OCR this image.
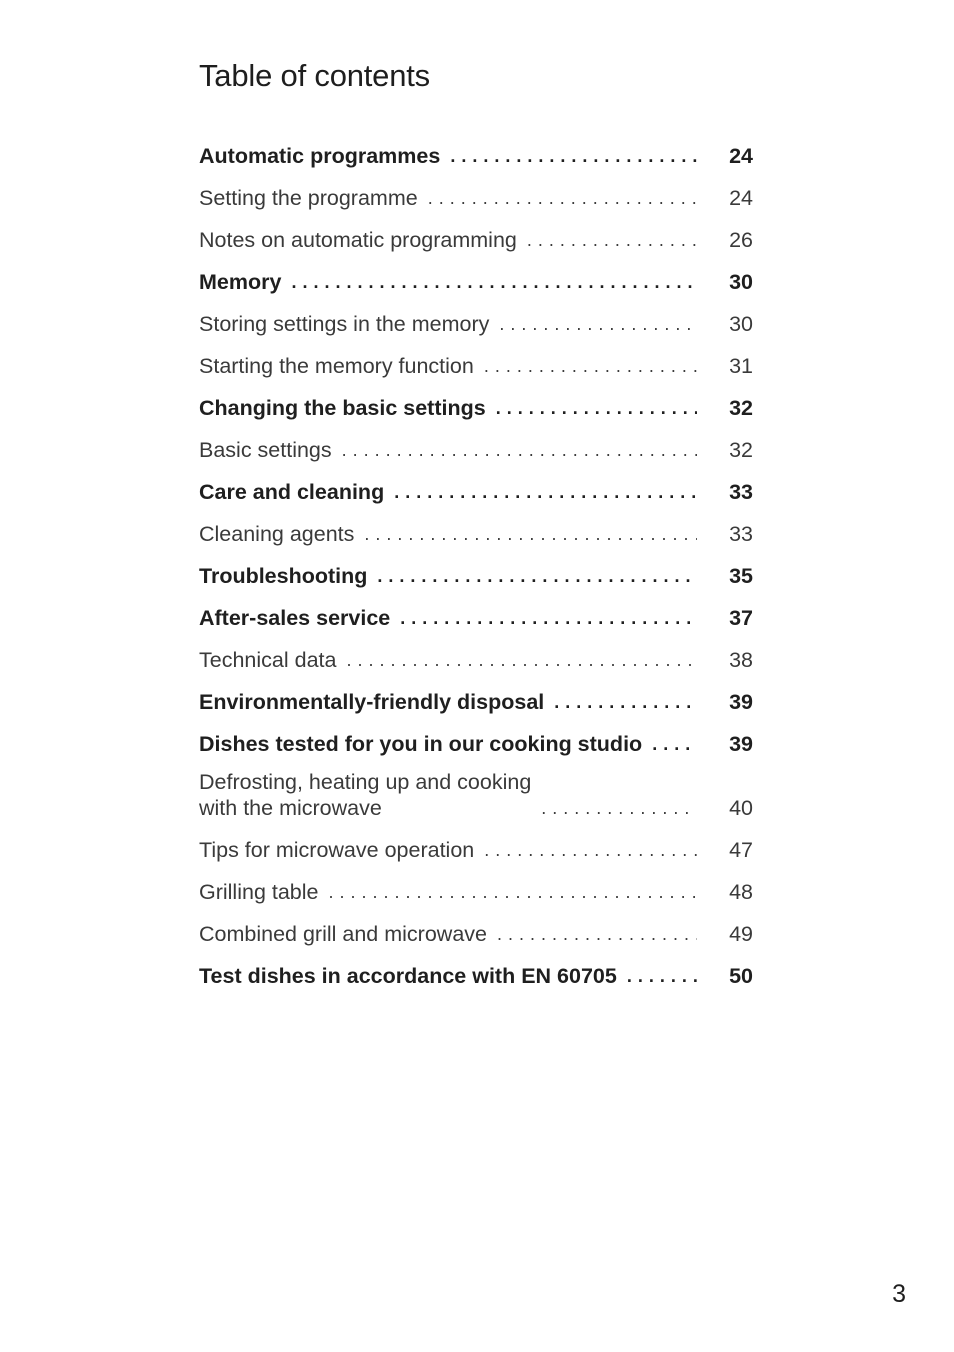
Table of contents
Automatic programmes . . .	24
Setting the programme . . .	24
Notes on automatic programming . . .	26
Memory . . .	30
Storing settings in the memory . . .	30
Starting the memory function . . .	31
Changing the basic settings . . .	32
Basic settings . . .	32
Care and cleaning . . .	33
Cleaning agents . . .	33
Troubleshooting . . .	35
After-sales service . . .	37
Technical data . . .	38
Environmentally-friendly disposal . . .	39
Dishes tested for you in our cooking studio . . .	39
Defrosting, heating up and cooking
with the microwave . . .	40
Tips for microwave operation . . .	47
Grilling table . . .	48
Combined grill and microwave . . .	49
Test dishes in accordance with EN 60705 . . .	50
3
